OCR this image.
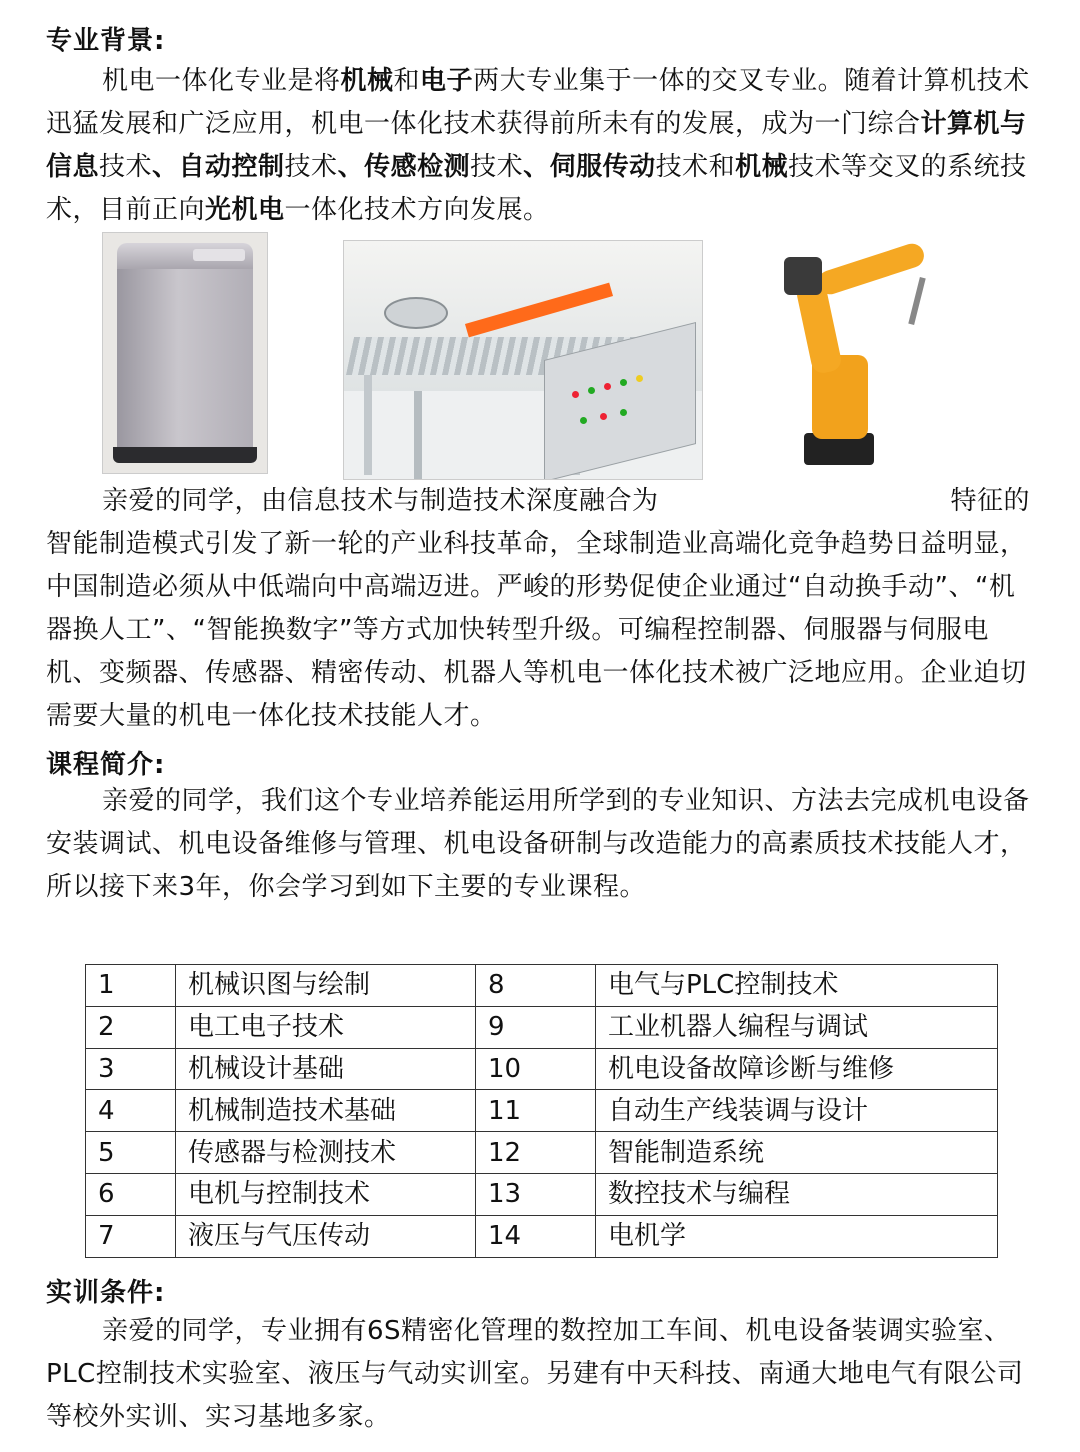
专业背景:

机电一体化专业是将机械和电子两大专业集于一体的交叉专业。随着计算机技术迅猛发展和广泛应用，机电一体化技术获得前所未有的发展，成为一门综合计算机与信息技术、自动控制技术、传感检测技术、伺服传动技术和机械技术等交叉的系统技术，目前正向光机电一体化技术方向发展。

亲爱的同学，由信息技术与制造技术深度融合为	特征的智能制造模式引发了新一轮的产业科技革命，全球制造业高端化竞争趋势日益明显，中国制造必须从中低端向中高端迈进。严峻的形势促使企业通过“自动换手动”、“机器换人工”、“智能换数字”等方式加快转型升级。可编程控制器、伺服器与伺服电机、变频器、传感器、精密传动、机器人等机电一体化技术被广泛地应用。企业迫切需要大量的机电一体化技术技能人才。

课程简介:

亲爱的同学，我们这个专业培养能运用所学到的专业知识、方法去完成机电设备安装调试、机电设备维修与管理、机电设备研制与改造能力的高素质技术技能人才，所以接下来3年，你会学习到如下主要的专业课程。

1	机械识图与绘制	8	电气与PLC控制技术
2	电工电子技术	9	工业机器人编程与调试
3	机械设计基础	10	机电设备故障诊断与维修
4	机械制造技术基础	11	自动生产线装调与设计
5	传感器与检测技术	12	智能制造系统
6	电机与控制技术	13	数控技术与编程
7	液压与气压传动	14	电机学
实训条件:

亲爱的同学，专业拥有6S精密化管理的数控加工车间、机电设备装调实验室、PLC控制技术实验室、液压与气动实训室。另建有中天科技、南通大地电气有限公司等校外实训、实习基地多家。
